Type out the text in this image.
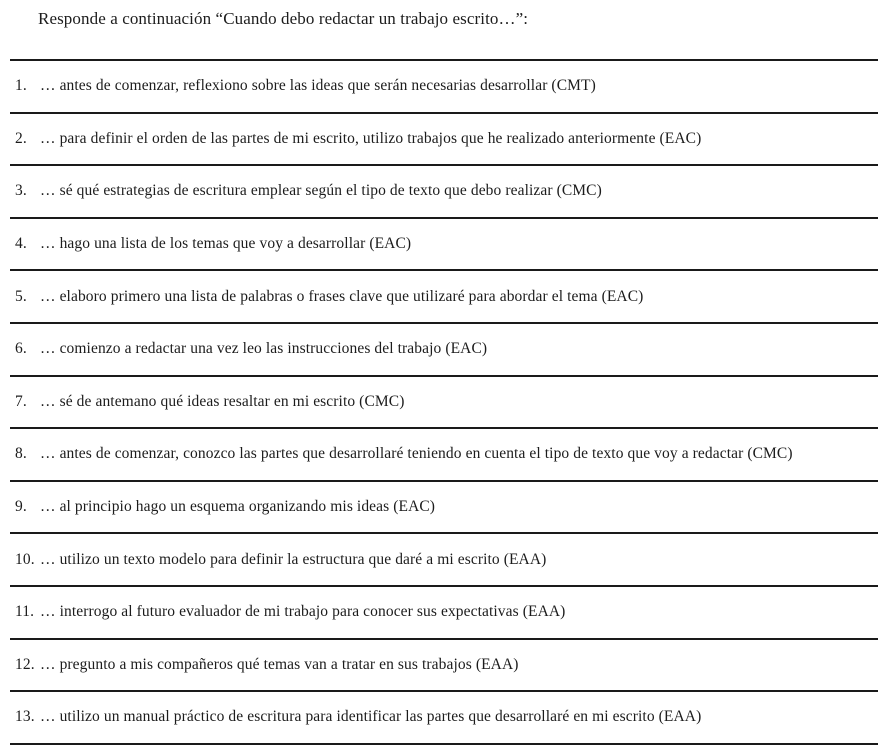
Responde a continuación “Cuando debo redactar un trabajo escrito…”:
1. … antes de comenzar, reflexiono sobre las ideas que serán necesarias desarrollar (CMT)
2. … para definir el orden de las partes de mi escrito, utilizo trabajos que he realizado anteriormente (EAC)
3. … sé qué estrategias de escritura emplear según el tipo de texto que debo realizar (CMC)
4. … hago una lista de los temas que voy a desarrollar (EAC)
5. … elaboro primero una lista de palabras o frases clave que utilizaré para abordar el tema (EAC)
6. … comienzo a redactar una vez leo las instrucciones del trabajo (EAC)
7. … sé de antemano qué ideas resaltar en mi escrito (CMC)
8. … antes de comenzar, conozco las partes que desarrollaré teniendo en cuenta el tipo de texto que voy a redactar (CMC)
9. … al principio hago un esquema organizando mis ideas (EAC)
10. … utilizo un texto modelo para definir la estructura que daré a mi escrito (EAA)
11. … interrogo al futuro evaluador de mi trabajo para conocer sus expectativas (EAA)
12. … pregunto a mis compañeros qué temas van a tratar en sus trabajos (EAA)
13. … utilizo un manual práctico de escritura para identificar las partes que desarrollaré en mi escrito (EAA)
